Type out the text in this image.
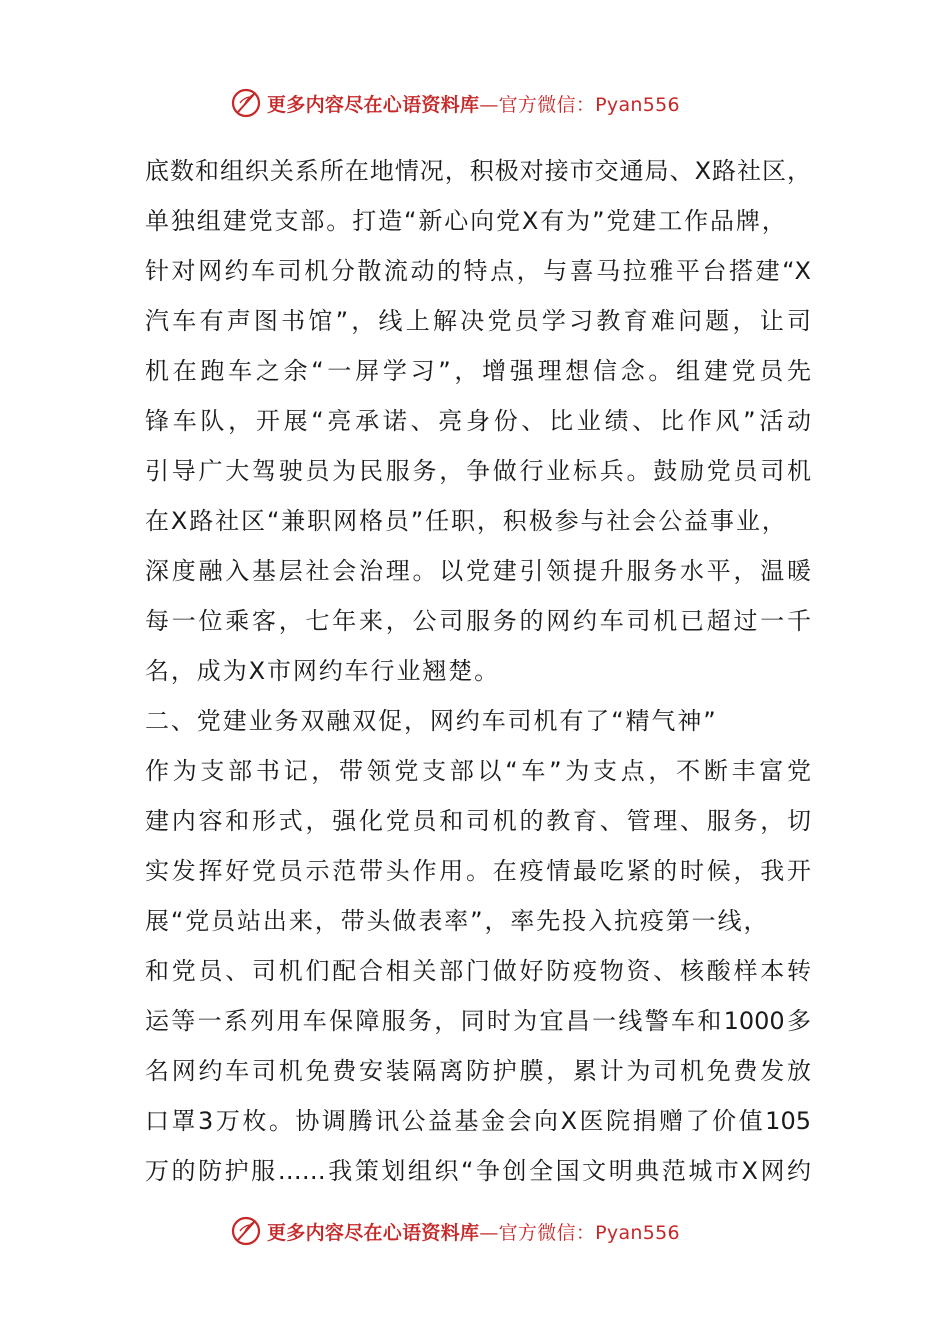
更多内容尽在心语资料库—官方微信：Pyan556
底数和组织关系所在地情况，积极对接市交通局、X路社区，
单独组建党支部。打造“新心向党X有为”党建工作品牌，
针对网约车司机分散流动的特点，与喜马拉雅平台搭建“X
汽车有声图书馆”，线上解决党员学习教育难问题，让司
机在跑车之余“一屏学习”，增强理想信念。组建党员先
锋车队，开展“亮承诺、亮身份、比业绩、比作风”活动
引导广大驾驶员为民服务，争做行业标兵。鼓励党员司机
在X路社区“兼职网格员”任职，积极参与社会公益事业，
深度融入基层社会治理。以党建引领提升服务水平，温暖
每一位乘客，七年来，公司服务的网约车司机已超过一千
名，成为X市网约车行业翘楚。
二、党建业务双融双促，网约车司机有了“精气神”
作为支部书记，带领党支部以“车”为支点，不断丰富党
建内容和形式，强化党员和司机的教育、管理、服务，切
实发挥好党员示范带头作用。在疫情最吃紧的时候，我开
展“党员站出来，带头做表率”，率先投入抗疫第一线，
和党员、司机们配合相关部门做好防疫物资、核酸样本转
运等一系列用车保障服务，同时为宜昌一线警车和1000多
名网约车司机免费安装隔离防护膜，累计为司机免费发放
口罩3万枚。协调腾讯公益基金会向X医院捐赠了价值105
万的防护服……我策划组织“争创全国文明典范城市X网约
更多内容尽在心语资料库—官方微信：Pyan556
